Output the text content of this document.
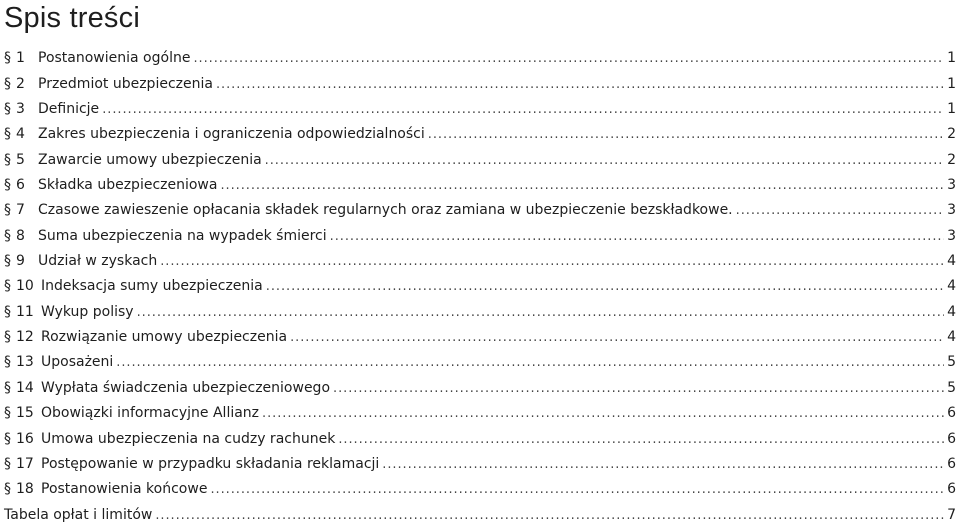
Spis treści
§ 1 Postanowienia ogólne . . .	1
§ 2 Przedmiot ubezpieczenia . . .	1
§ 3 Definicje . . .	1
§ 4 Zakres ubezpieczenia i ograniczenia odpowiedzialności . . .	2
§ 5 Zawarcie umowy ubezpieczenia . . .	2
§ 6 Składka ubezpieczeniowa . . .	3
§ 7 Czasowe zawieszenie opłacania składek regularnych oraz zamiana w ubezpieczenie bezskładkowe. . . .	3
§ 8 Suma ubezpieczenia na wypadek śmierci . . .	3
§ 9 Udział w zyskach . . .	4
§ 10 Indeksacja sumy ubezpieczenia . . .	4
§ 11 Wykup polisy . . .	4
§ 12 Rozwiązanie umowy ubezpieczenia . . .	4
§ 13 Uposażeni . . .	5
§ 14 Wypłata świadczenia ubezpieczeniowego . . .	5
§ 15 Obowiązki informacyjne Allianz . . .	6
§ 16 Umowa ubezpieczenia na cudzy rachunek . . .	6
§ 17 Postępowanie w przypadku składania reklamacji . . .	6
§ 18 Postanowienia końcowe . . .	6
Tabela opłat i limitów . . .	7
